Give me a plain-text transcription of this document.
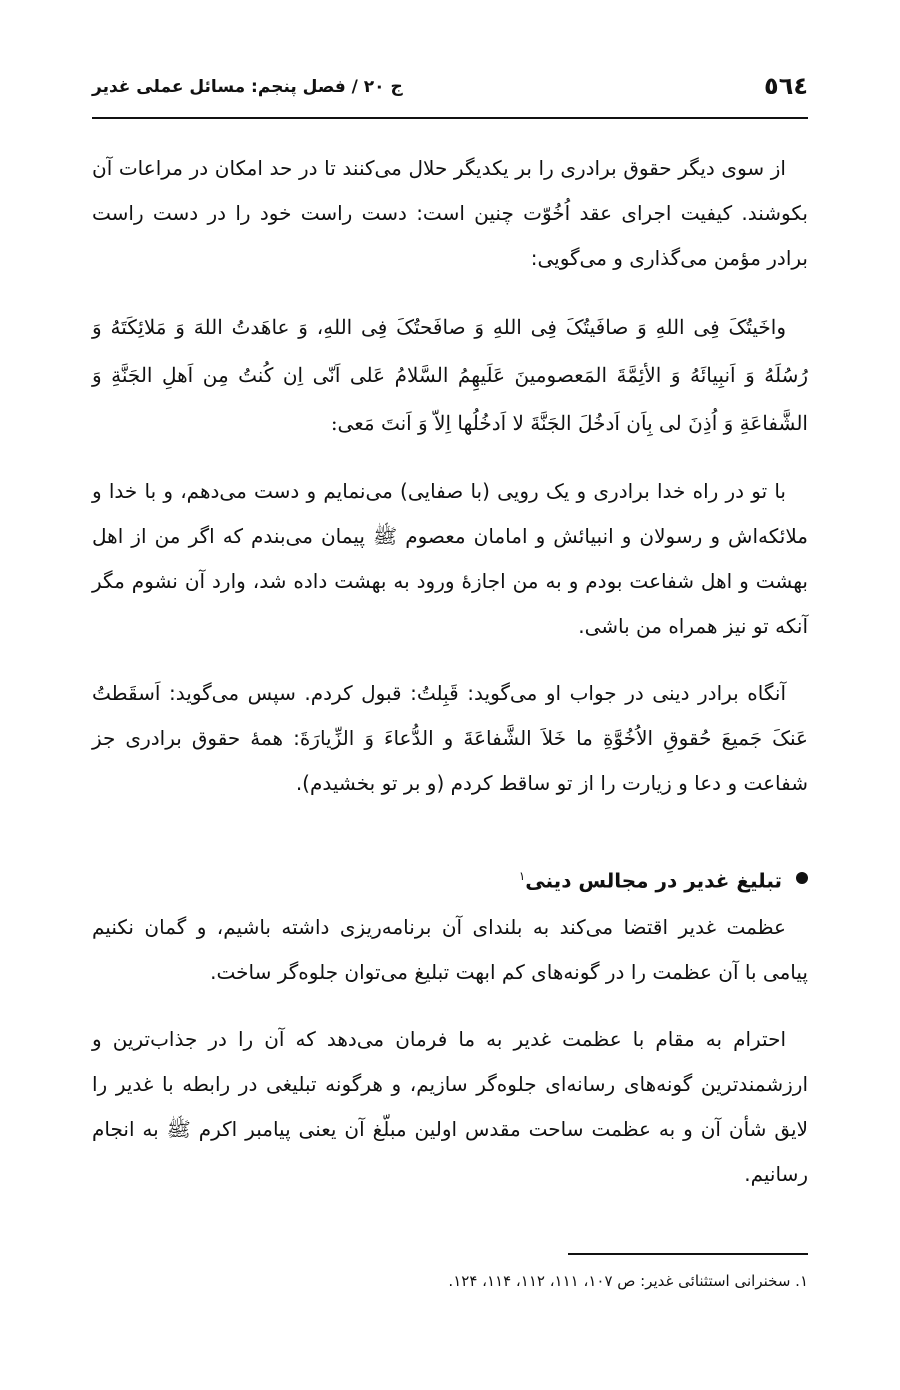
٥٦٤
ج ۲۰ / فصل پنجم: مسائل عملی غدیر

از سوی دیگر حقوق برادری را بر یکدیگر حلال می‌کنند تا در حد امکان در مراعات آن بکوشند. کیفیت اجرای عقد اُخُوّت چنین است: دست راست خود را در دست راست برادر مؤمن می‌گذاری و می‌گویی:

واخَیتُکَ فِی اللهِ وَ صافَیتُکَ فِی اللهِ وَ صافَحتُکَ فِی اللهِ، وَ عاهَدتُ اللهَ وَ مَلائِکَتَهُ وَ رُسُلَهُ وَ اَنبِیائَهُ وَ الأئِمَّةَ المَعصومینَ عَلَیهِمُ السَّلامُ عَلی اَنّی اِن کُنتُ مِن اَهلِ الجَنَّةِ وَ الشَّفاعَةِ وَ اُذِنَ لی بِاَن اَدخُلَ الجَنَّةَ لا اَدخُلُها اِلاّ وَ اَنتَ مَعی:

با تو در راه خدا برادری و یک رویی (با صفایی) می‌نمایم و دست می‌دهم، و با خدا و ملائکه‌اش و رسولان و انبیائش و امامان معصوم ﷺ پیمان می‌بندم که اگر من از اهل بهشت و اهل شفاعت بودم و به من اجازهٔ ورود به بهشت داده شد، وارد آن نشوم مگر آنکه تو نیز همراه من باشی.

آنگاه برادر دینی در جواب او می‌گوید: قَبِلتُ: قبول کردم. سپس می‌گوید: اَسقَطتُ عَنکَ جَمیعَ حُقوقِ الاُخُوَّةِ ما خَلاَ الشَّفاعَةَ و الدُّعاءَ وَ الزِّیارَةَ: همهٔ حقوق برادری جز شفاعت و دعا و زیارت را از تو ساقط کردم (و بر تو بخشیدم).

تبلیغ غدیر در مجالس دینی$^۱$

عظمت غدیر اقتضا می‌کند به بلندای آن برنامه‌ریزی داشته باشیم، و گمان نکنیم پیامی با آن عظمت را در گونه‌های کم ابهت تبلیغ می‌توان جلوه‌گر ساخت.

احترام به مقام با عظمت غدیر به ما فرمان می‌دهد که آن را در جذاب‌ترین و ارزشمندترین گونه‌های رسانه‌ای جلوه‌گر سازیم، و هرگونه تبلیغی در رابطه با غدیر را لایق شأن آن و به عظمت ساحت مقدس اولین مبلّغ آن یعنی پیامبر اکرم ﷺ به انجام رسانیم.

۱. سخنرانی استثنائی غدیر: ص ۱۰۷، ۱۱۱، ۱۱۲، ۱۱۴، ۱۲۴.
